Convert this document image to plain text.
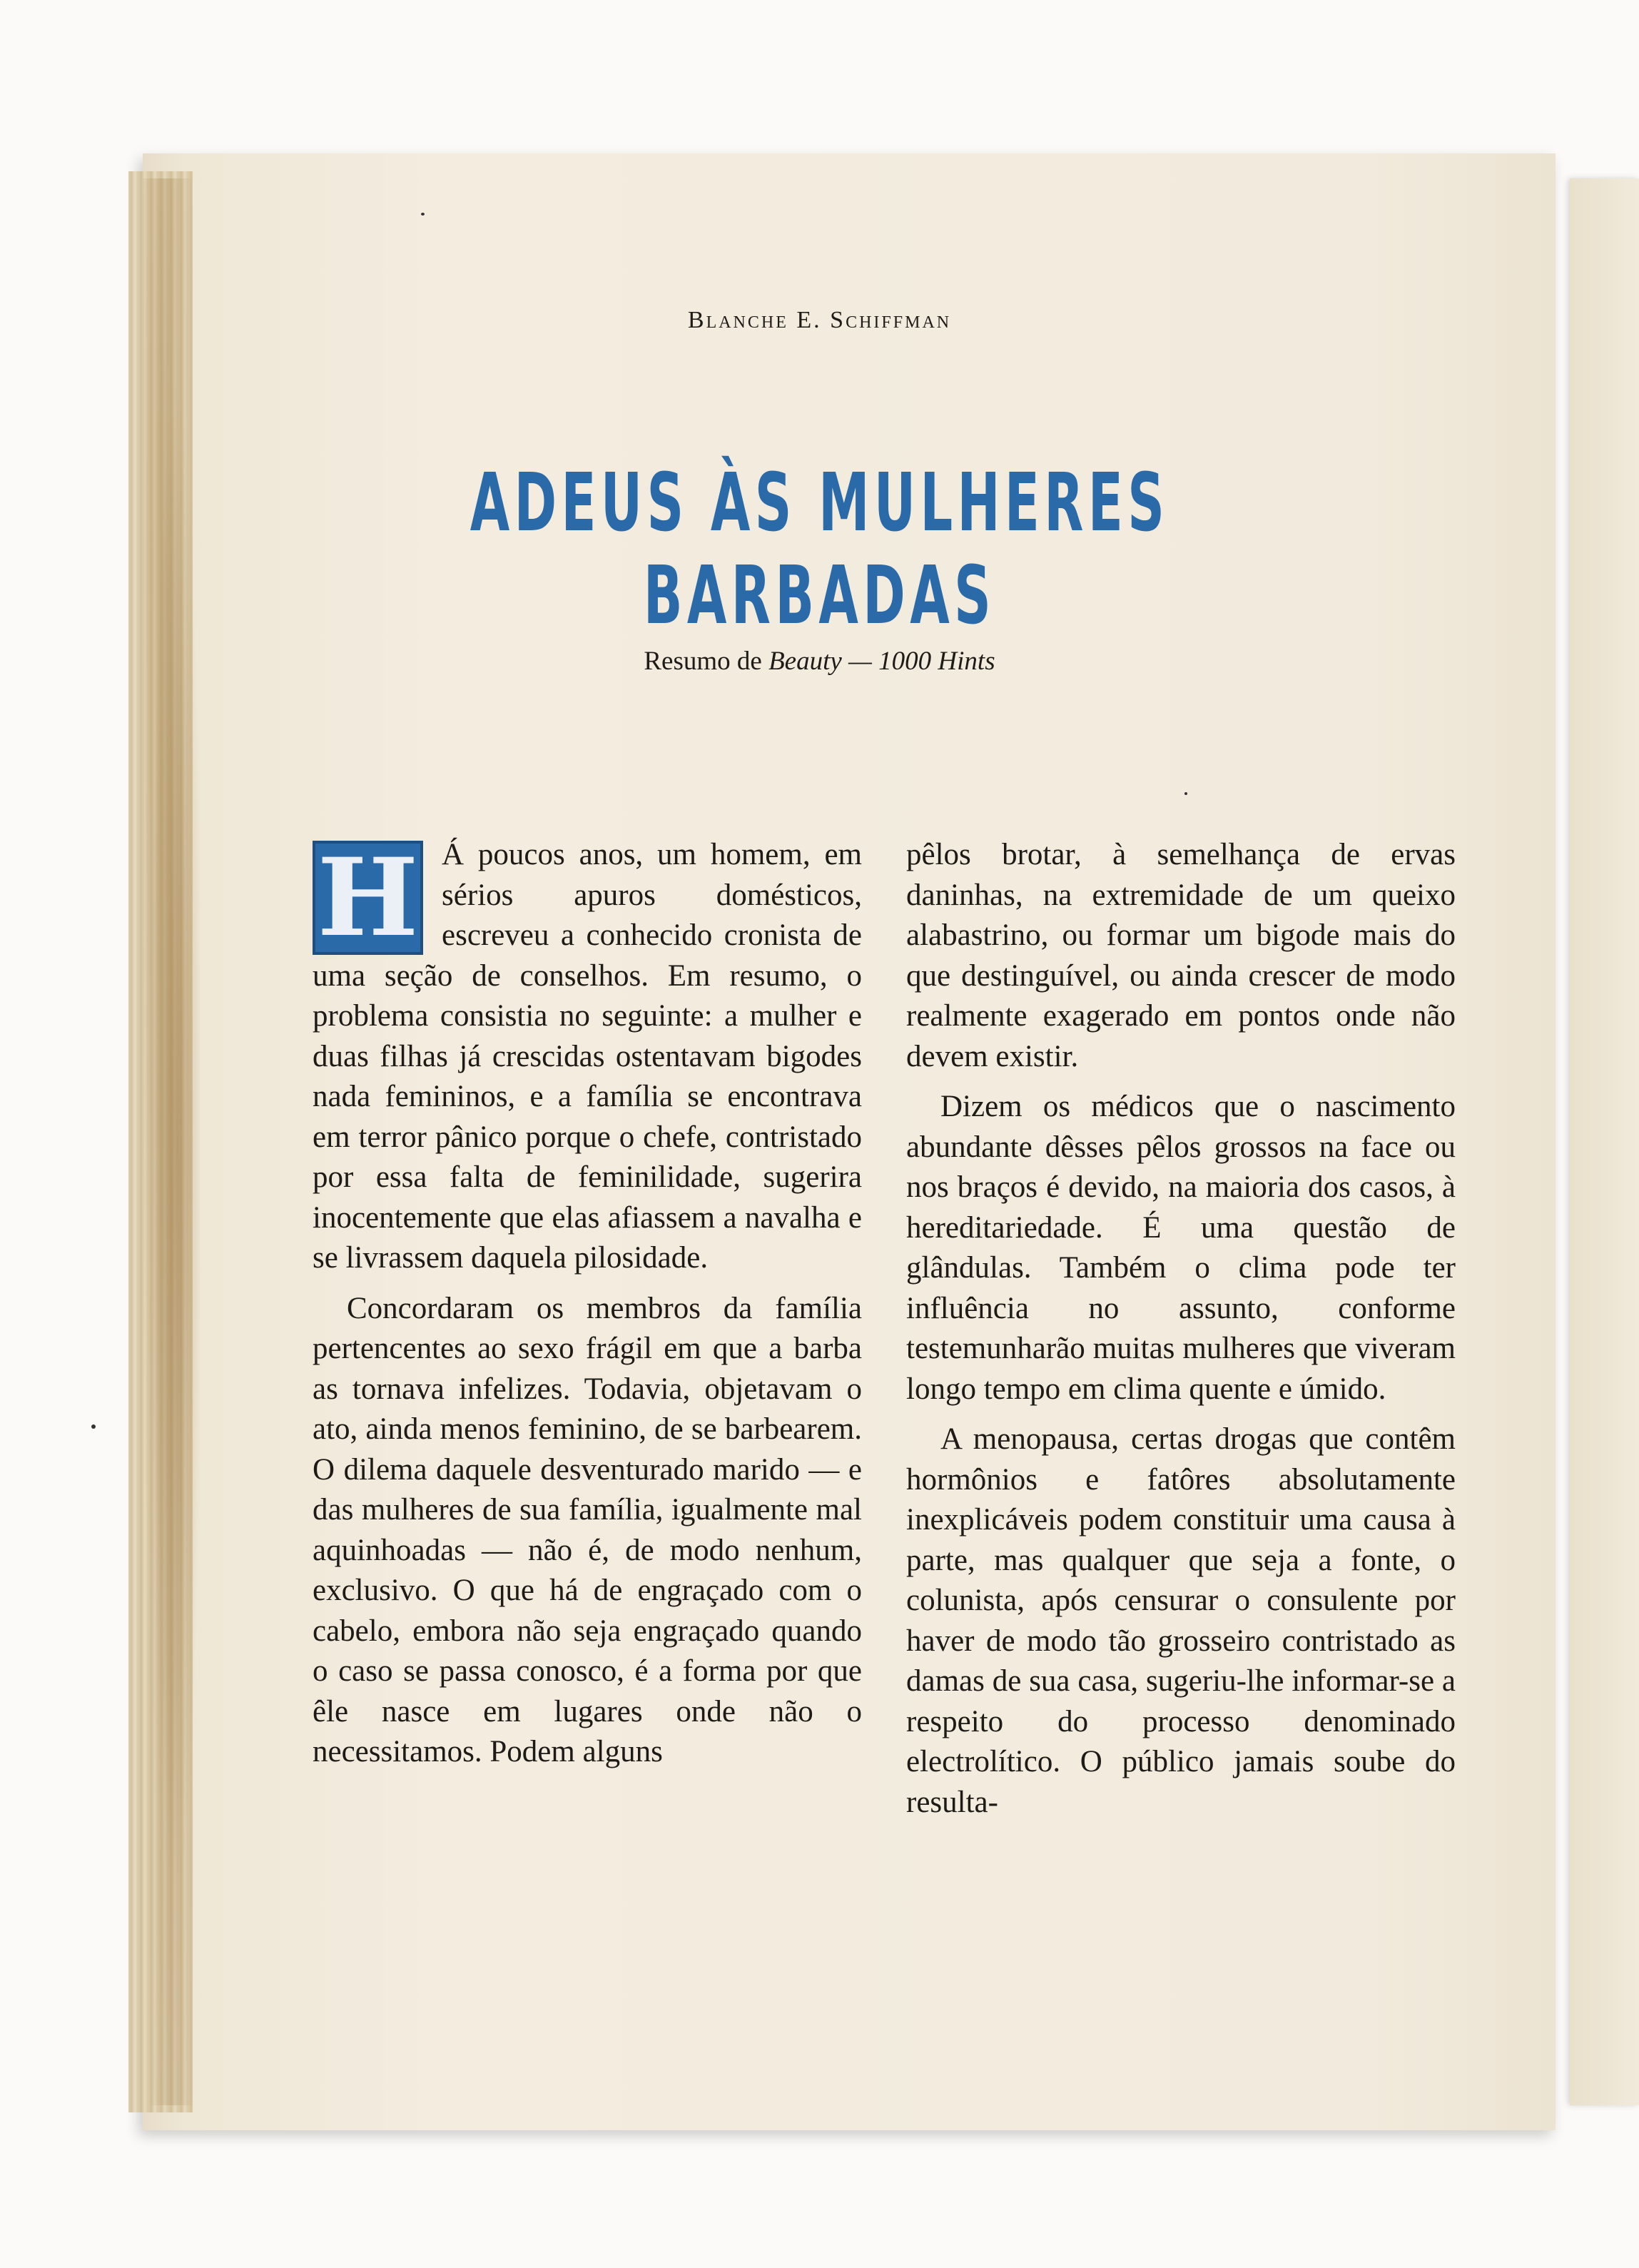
Blanche E. Schiffman
ADEUS ÀS MULHERES BARBADAS
Resumo de Beauty — 1000 Hints
H Á poucos anos, um homem, em sérios apuros domésticos, escreveu a conhecido cronista de uma seção de conselhos. Em resumo, o problema consistia no seguinte: a mulher e duas filhas já crescidas ostentavam bigodes nada femininos, e a família se encontrava em terror pânico porque o chefe, contristado por essa falta de feminilidade, sugerira inocentemente que elas afiassem a navalha e se livrassem daquela pilosidade.

Concordaram os membros da família pertencentes ao sexo frágil em que a barba as tornava infelizes. Todavia, objetavam o ato, ainda menos feminino, de se barbearem. O dilema daquele desventurado marido — e das mulheres de sua família, igualmente mal aquinhoadas — não é, de modo nenhum, exclusivo. O que há de engraçado com o cabelo, embora não seja engraçado quando o caso se passa conosco, é a forma por que êle nasce em lugares onde não o necessitamos. Podem alguns

pêlos brotar, à semelhança de ervas daninhas, na extremidade de um queixo alabastrino, ou formar um bigode mais do que destinguível, ou ainda crescer de modo realmente exagerado em pontos onde não devem existir.

Dizem os médicos que o nascimento abundante dêsses pêlos grossos na face ou nos braços é devido, na maioria dos casos, à hereditariedade. É uma questão de glândulas. Também o clima pode ter influência no assunto, conforme testemunharão muitas mulheres que viveram longo tempo em clima quente e úmido.

A menopausa, certas drogas que contêm hormônios e fatôres absolutamente inexplicáveis podem constituir uma causa à parte, mas qualquer que seja a fonte, o colunista, após censurar o consulente por haver de modo tão grosseiro contristado as damas de sua casa, sugeriu-lhe informar-se a respeito do processo denominado electrolítico. O público jamais soube do resulta-
